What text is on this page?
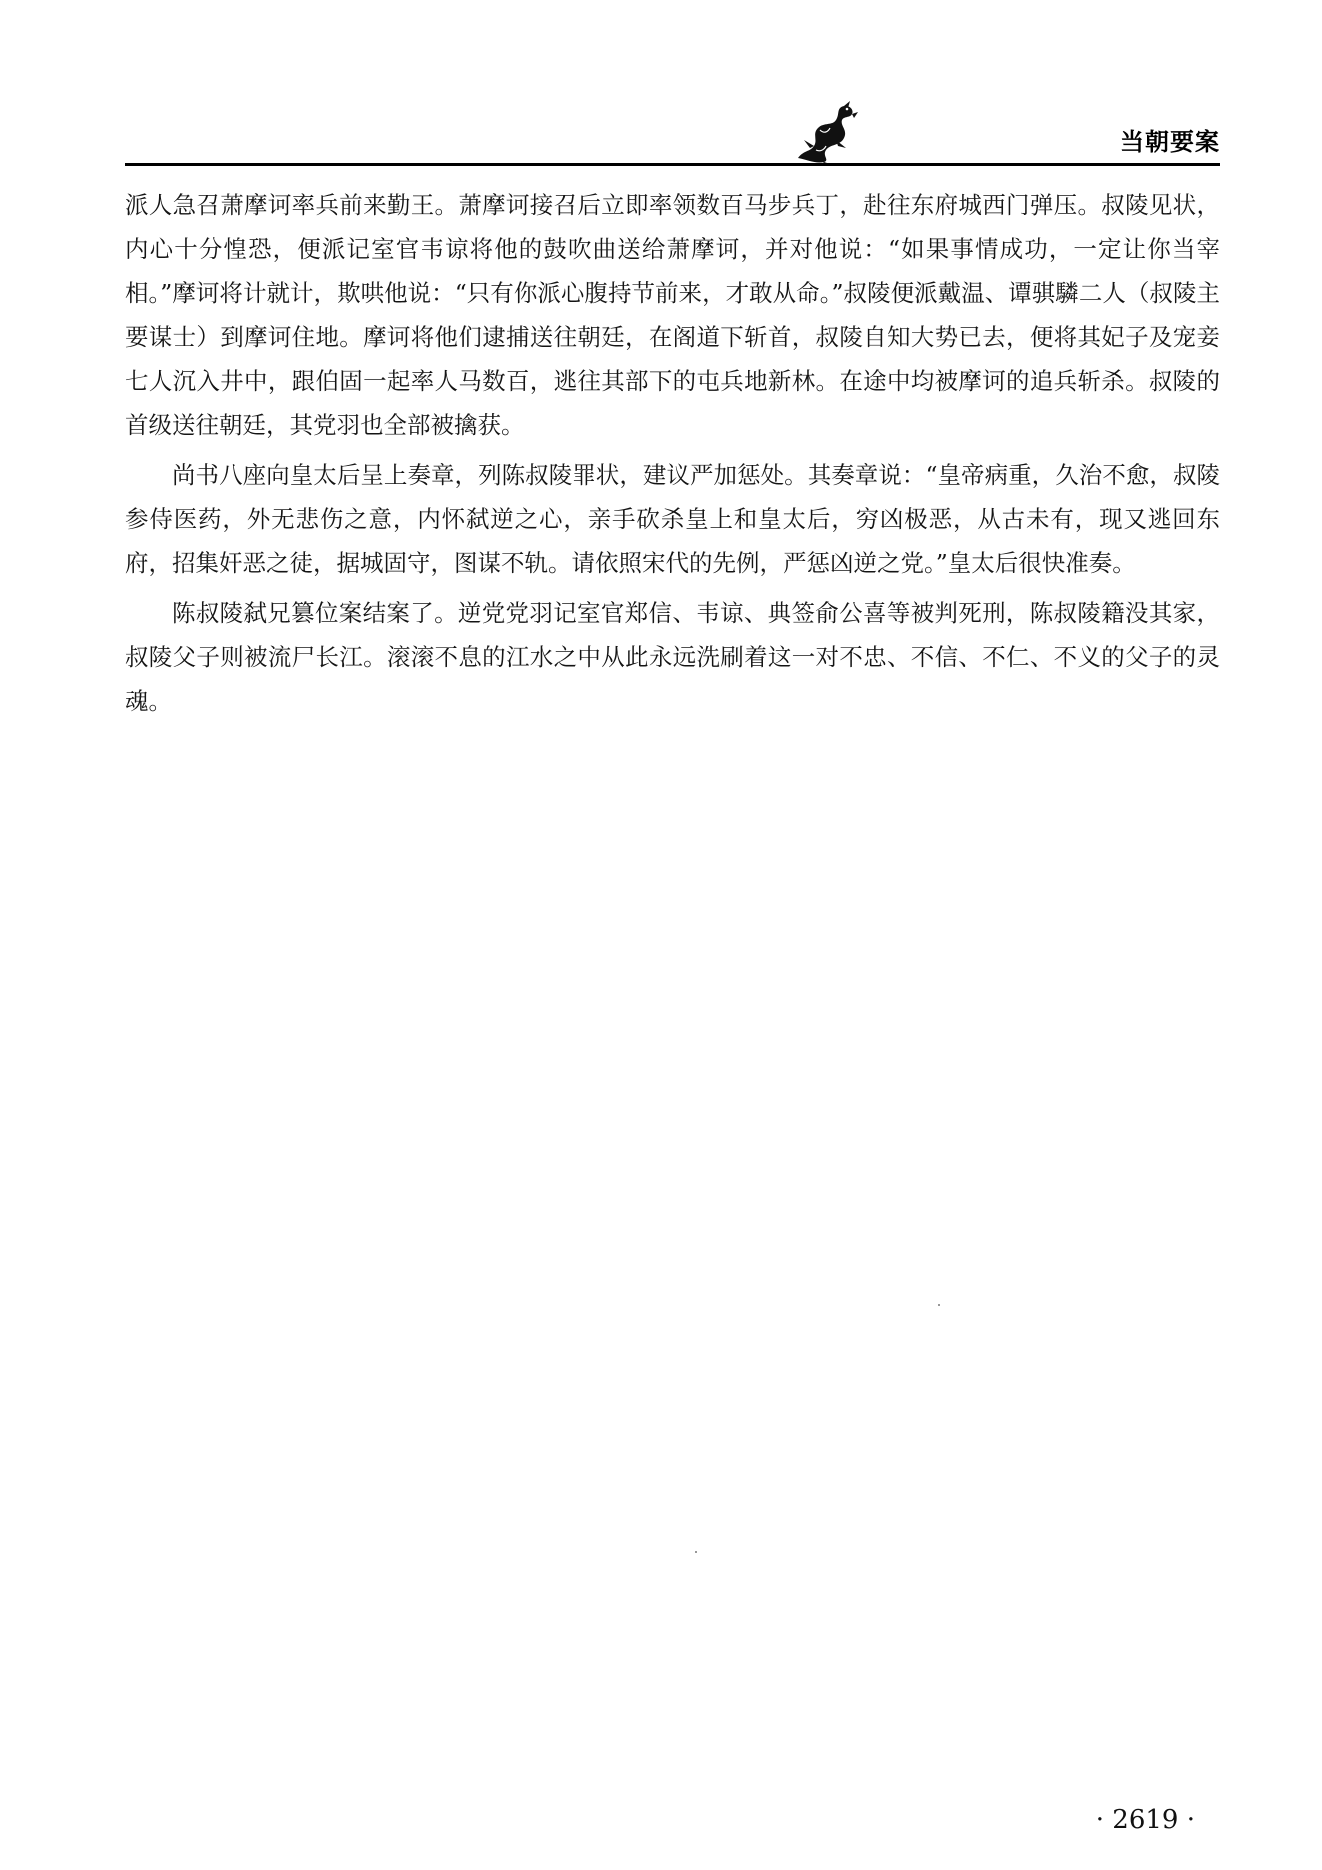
当朝要案

派人急召萧摩诃率兵前来勤王。萧摩诃接召后立即率领数百马步兵丁，赴往东府城西门弹压。叔陵见状，内心十分惶恐，便派记室官韦谅将他的鼓吹曲送给萧摩诃，并对他说：“如果事情成功，一定让你当宰相。”摩诃将计就计，欺哄他说：“只有你派心腹持节前来，才敢从命。”叔陵便派戴温、谭骐驎二人（叔陵主要谋士）到摩诃住地。摩诃将他们逮捕送往朝廷，在阁道下斩首，叔陵自知大势已去，便将其妃子及宠妾七人沉入井中，跟伯固一起率人马数百，逃往其部下的屯兵地新林。在途中均被摩诃的追兵斩杀。叔陵的首级送往朝廷，其党羽也全部被擒获。

尚书八座向皇太后呈上奏章，列陈叔陵罪状，建议严加惩处。其奏章说：“皇帝病重，久治不愈，叔陵参侍医药，外无悲伤之意，内怀弑逆之心，亲手砍杀皇上和皇太后，穷凶极恶，从古未有，现又逃回东府，招集奸恶之徒，据城固守，图谋不轨。请依照宋代的先例，严惩凶逆之党。”皇太后很快准奏。

陈叔陵弑兄篡位案结案了。逆党党羽记室官郑信、韦谅、典签俞公喜等被判死刑，陈叔陵籍没其家，叔陵父子则被流尸长江。滚滚不息的江水之中从此永远洗刷着这一对不忠、不信、不仁、不义的父子的灵魂。

· 2619 ·
